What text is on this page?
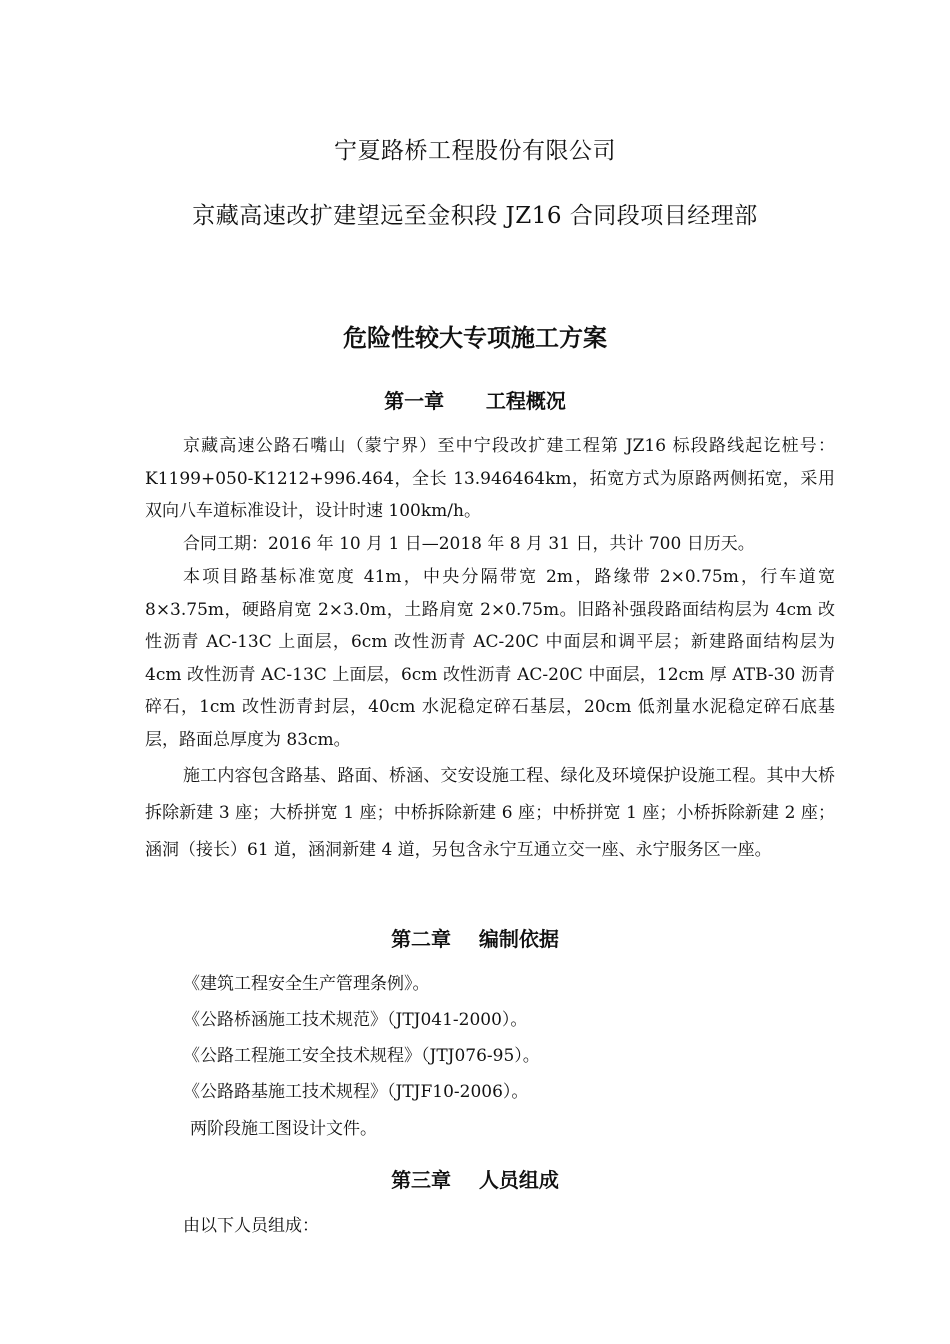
宁夏路桥工程股份有限公司
京藏高速改扩建望远至金积段 JZ16 合同段项目经理部
危险性较大专项施工方案
第一章      工程概况

京藏高速公路石嘴山（蒙宁界）至中宁段改扩建工程第 JZ16 标段路线起讫桩号：K1199+050-K1212+996.464，全长 13.946464km，拓宽方式为原路两侧拓宽，采用双向八车道标准设计，设计时速 100km/h。

合同工期：2016 年 10 月 1 日—2018 年 8 月 31 日，共计 700 日历天。

本项目路基标准宽度 41m，中央分隔带宽 2m，路缘带 2×0.75m，行车道宽 8×3.75m，硬路肩宽 2×3.0m，土路肩宽 2×0.75m。旧路补强段路面结构层为 4cm 改性沥青 AC-13C 上面层，6cm 改性沥青 AC-20C 中面层和调平层；新建路面结构层为 4cm 改性沥青 AC-13C 上面层，6cm 改性沥青 AC-20C 中面层，12cm 厚 ATB-30 沥青碎石，1cm 改性沥青封层，40cm 水泥稳定碎石基层，20cm 低剂量水泥稳定碎石底基层，路面总厚度为 83cm。

施工内容包含路基、路面、桥涵、交安设施工程、绿化及环境保护设施工程。其中大桥拆除新建 3 座；大桥拼宽 1 座；中桥拆除新建 6 座；中桥拼宽 1 座；小桥拆除新建 2 座；涵洞（接长）61 道，涵洞新建 4 道，另包含永宁互通立交一座、永宁服务区一座。

第二章    编制依据
《建筑工程安全生产管理条例》。
《公路桥涵施工技术规范》（JTJ041-2000）。
《公路工程施工安全技术规程》（JTJ076-95）。
《公路路基施工技术规程》（JTJF10-2006）。
两阶段施工图设计文件。
第三章    人员组成
由以下人员组成：
